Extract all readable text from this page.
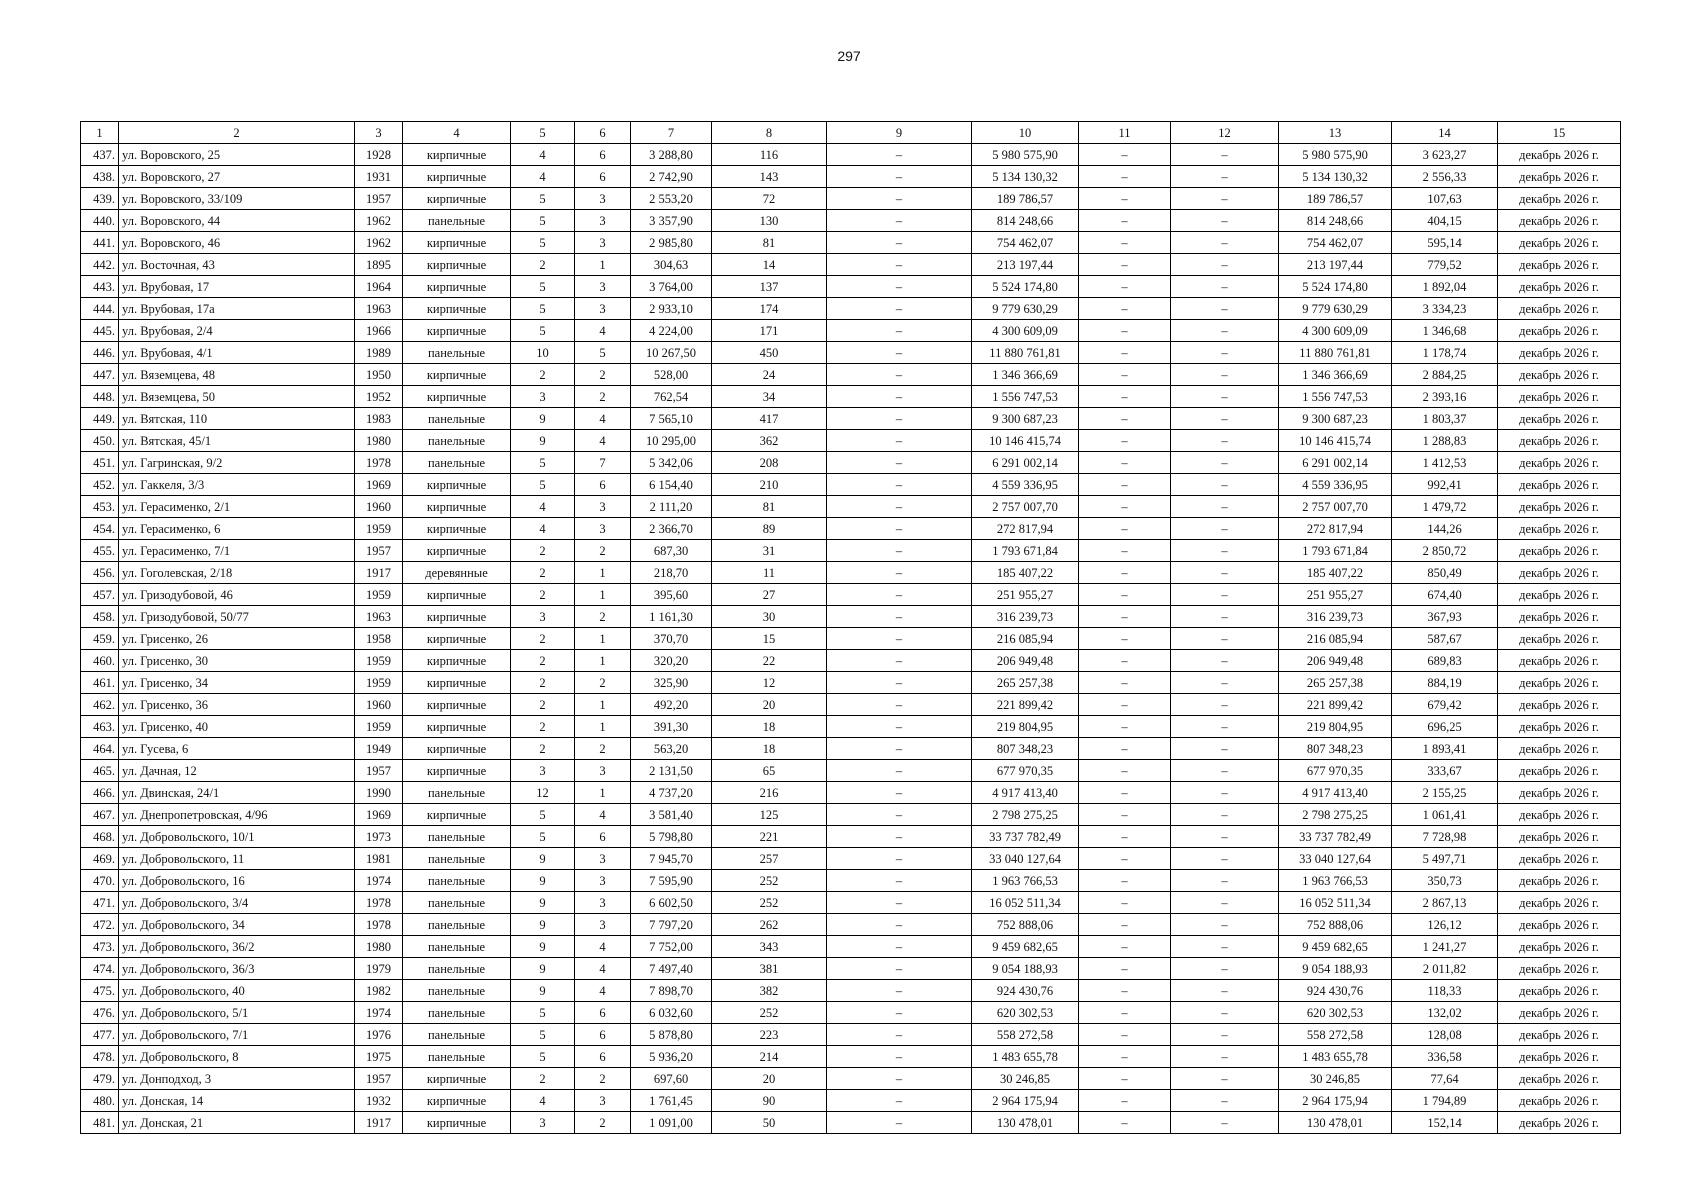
297
1	2	3	4	5	6	7	8	9	10	11	12	13	14	15
437.	ул. Воровского, 25	1928	кирпичные	4	6	3 288,80	116	–	5 980 575,90	–	–	5 980 575,90	3 623,27	декабрь 2026 г.
438.	ул. Воровского, 27	1931	кирпичные	4	6	2 742,90	143	–	5 134 130,32	–	–	5 134 130,32	2 556,33	декабрь 2026 г.
439.	ул. Воровского, 33/109	1957	кирпичные	5	3	2 553,20	72	–	189 786,57	–	–	189 786,57	107,63	декабрь 2026 г.
440.	ул. Воровского, 44	1962	панельные	5	3	3 357,90	130	–	814 248,66	–	–	814 248,66	404,15	декабрь 2026 г.
441.	ул. Воровского, 46	1962	кирпичные	5	3	2 985,80	81	–	754 462,07	–	–	754 462,07	595,14	декабрь 2026 г.
442.	ул. Восточная, 43	1895	кирпичные	2	1	304,63	14	–	213 197,44	–	–	213 197,44	779,52	декабрь 2026 г.
443.	ул. Врубовая, 17	1964	кирпичные	5	3	3 764,00	137	–	5 524 174,80	–	–	5 524 174,80	1 892,04	декабрь 2026 г.
444.	ул. Врубовая, 17а	1963	кирпичные	5	3	2 933,10	174	–	9 779 630,29	–	–	9 779 630,29	3 334,23	декабрь 2026 г.
445.	ул. Врубовая, 2/4	1966	кирпичные	5	4	4 224,00	171	–	4 300 609,09	–	–	4 300 609,09	1 346,68	декабрь 2026 г.
446.	ул. Врубовая, 4/1	1989	панельные	10	5	10 267,50	450	–	11 880 761,81	–	–	11 880 761,81	1 178,74	декабрь 2026 г.
447.	ул. Вяземцева, 48	1950	кирпичные	2	2	528,00	24	–	1 346 366,69	–	–	1 346 366,69	2 884,25	декабрь 2026 г.
448.	ул. Вяземцева, 50	1952	кирпичные	3	2	762,54	34	–	1 556 747,53	–	–	1 556 747,53	2 393,16	декабрь 2026 г.
449.	ул. Вятская, 110	1983	панельные	9	4	7 565,10	417	–	9 300 687,23	–	–	9 300 687,23	1 803,37	декабрь 2026 г.
450.	ул. Вятская, 45/1	1980	панельные	9	4	10 295,00	362	–	10 146 415,74	–	–	10 146 415,74	1 288,83	декабрь 2026 г.
451.	ул. Гагринская, 9/2	1978	панельные	5	7	5 342,06	208	–	6 291 002,14	–	–	6 291 002,14	1 412,53	декабрь 2026 г.
452.	ул. Гаккеля, 3/3	1969	кирпичные	5	6	6 154,40	210	–	4 559 336,95	–	–	4 559 336,95	992,41	декабрь 2026 г.
453.	ул. Герасименко, 2/1	1960	кирпичные	4	3	2 111,20	81	–	2 757 007,70	–	–	2 757 007,70	1 479,72	декабрь 2026 г.
454.	ул. Герасименко, 6	1959	кирпичные	4	3	2 366,70	89	–	272 817,94	–	–	272 817,94	144,26	декабрь 2026 г.
455.	ул. Герасименко, 7/1	1957	кирпичные	2	2	687,30	31	–	1 793 671,84	–	–	1 793 671,84	2 850,72	декабрь 2026 г.
456.	ул. Гоголевская, 2/18	1917	деревянные	2	1	218,70	11	–	185 407,22	–	–	185 407,22	850,49	декабрь 2026 г.
457.	ул. Гризодубовой, 46	1959	кирпичные	2	1	395,60	27	–	251 955,27	–	–	251 955,27	674,40	декабрь 2026 г.
458.	ул. Гризодубовой, 50/77	1963	кирпичные	3	2	1 161,30	30	–	316 239,73	–	–	316 239,73	367,93	декабрь 2026 г.
459.	ул. Грисенко, 26	1958	кирпичные	2	1	370,70	15	–	216 085,94	–	–	216 085,94	587,67	декабрь 2026 г.
460.	ул. Грисенко, 30	1959	кирпичные	2	1	320,20	22	–	206 949,48	–	–	206 949,48	689,83	декабрь 2026 г.
461.	ул. Грисенко, 34	1959	кирпичные	2	2	325,90	12	–	265 257,38	–	–	265 257,38	884,19	декабрь 2026 г.
462.	ул. Грисенко, 36	1960	кирпичные	2	1	492,20	20	–	221 899,42	–	–	221 899,42	679,42	декабрь 2026 г.
463.	ул. Грисенко, 40	1959	кирпичные	2	1	391,30	18	–	219 804,95	–	–	219 804,95	696,25	декабрь 2026 г.
464.	ул. Гусева, 6	1949	кирпичные	2	2	563,20	18	–	807 348,23	–	–	807 348,23	1 893,41	декабрь 2026 г.
465.	ул. Дачная, 12	1957	кирпичные	3	3	2 131,50	65	–	677 970,35	–	–	677 970,35	333,67	декабрь 2026 г.
466.	ул. Двинская, 24/1	1990	панельные	12	1	4 737,20	216	–	4 917 413,40	–	–	4 917 413,40	2 155,25	декабрь 2026 г.
467.	ул. Днепропетровская, 4/96	1969	кирпичные	5	4	3 581,40	125	–	2 798 275,25	–	–	2 798 275,25	1 061,41	декабрь 2026 г.
468.	ул. Добровольского, 10/1	1973	панельные	5	6	5 798,80	221	–	33 737 782,49	–	–	33 737 782,49	7 728,98	декабрь 2026 г.
469.	ул. Добровольского, 11	1981	панельные	9	3	7 945,70	257	–	33 040 127,64	–	–	33 040 127,64	5 497,71	декабрь 2026 г.
470.	ул. Добровольского, 16	1974	панельные	9	3	7 595,90	252	–	1 963 766,53	–	–	1 963 766,53	350,73	декабрь 2026 г.
471.	ул. Добровольского, 3/4	1978	панельные	9	3	6 602,50	252	–	16 052 511,34	–	–	16 052 511,34	2 867,13	декабрь 2026 г.
472.	ул. Добровольского, 34	1978	панельные	9	3	7 797,20	262	–	752 888,06	–	–	752 888,06	126,12	декабрь 2026 г.
473.	ул. Добровольского, 36/2	1980	панельные	9	4	7 752,00	343	–	9 459 682,65	–	–	9 459 682,65	1 241,27	декабрь 2026 г.
474.	ул. Добровольского, 36/3	1979	панельные	9	4	7 497,40	381	–	9 054 188,93	–	–	9 054 188,93	2 011,82	декабрь 2026 г.
475.	ул. Добровольского, 40	1982	панельные	9	4	7 898,70	382	–	924 430,76	–	–	924 430,76	118,33	декабрь 2026 г.
476.	ул. Добровольского, 5/1	1974	панельные	5	6	6 032,60	252	–	620 302,53	–	–	620 302,53	132,02	декабрь 2026 г.
477.	ул. Добровольского, 7/1	1976	панельные	5	6	5 878,80	223	–	558 272,58	–	–	558 272,58	128,08	декабрь 2026 г.
478.	ул. Добровольского, 8	1975	панельные	5	6	5 936,20	214	–	1 483 655,78	–	–	1 483 655,78	336,58	декабрь 2026 г.
479.	ул. Донподход, 3	1957	кирпичные	2	2	697,60	20	–	30 246,85	–	–	30 246,85	77,64	декабрь 2026 г.
480.	ул. Донская, 14	1932	кирпичные	4	3	1 761,45	90	–	2 964 175,94	–	–	2 964 175,94	1 794,89	декабрь 2026 г.
481.	ул. Донская, 21	1917	кирпичные	3	2	1 091,00	50	–	130 478,01	–	–	130 478,01	152,14	декабрь 2026 г.
